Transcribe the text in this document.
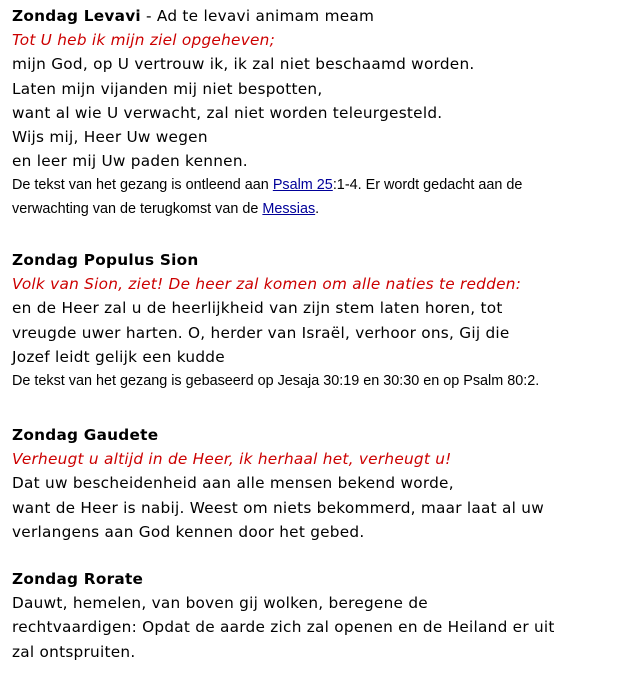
Zondag Levavi - Ad te levavi animam meam
Tot U heb ik mijn ziel opgeheven;
mijn God, op U vertrouw ik, ik zal niet beschaamd worden.
Laten mijn vijanden mij niet bespotten,
want al wie U verwacht, zal niet worden teleurgesteld.
Wijs mij, Heer Uw wegen
en leer mij Uw paden kennen.
De tekst van het gezang is ontleend aan Psalm 25:1-4. Er wordt gedacht aan de
verwachting van de terugkomst van de Messias.
Zondag Populus Sion
Volk van Sion, ziet! De heer zal komen om alle naties te redden:
en de Heer zal u de heerlijkheid van zijn stem laten horen, tot
vreugde uwer harten. O, herder van Israël, verhoor ons, Gij die
Jozef leidt gelijk een kudde
De tekst van het gezang is gebaseerd op Jesaja 30:19 en 30:30 en op Psalm 80:2.
Zondag Gaudete
Verheugt u altijd in de Heer, ik herhaal het, verheugt u!
Dat uw bescheidenheid aan alle mensen bekend worde,
want de Heer is nabij. Weest om niets bekommerd, maar laat al uw
verlangens aan God kennen door het gebed.
Zondag Rorate
Dauwt, hemelen, van boven gij wolken, beregene de
rechtvaardigen: Opdat de aarde zich zal openen en de Heiland er uit
zal ontspruiten.
